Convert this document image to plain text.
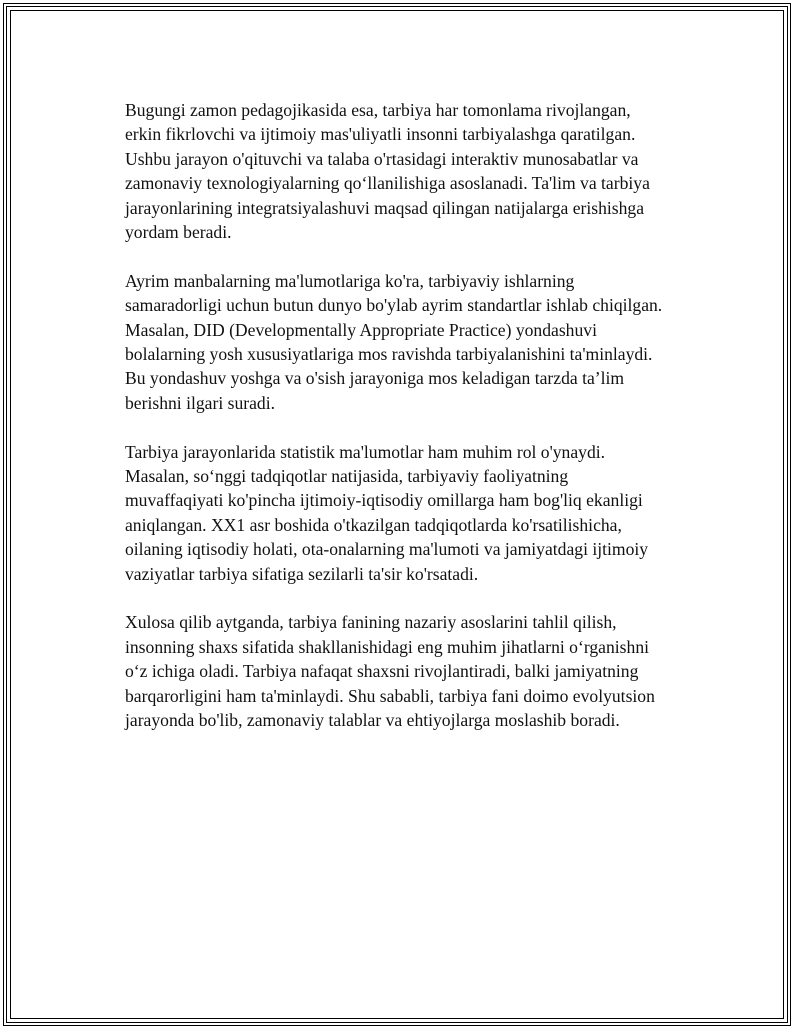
Bugungi zamon pedagojikasida esa, tarbiya har tomonlama rivojlangan,
erkin fikrlovchi va ijtimoiy mas'uliyatli insonni tarbiyalashga qaratilgan.
Ushbu jarayon o'qituvchi va talaba o'rtasidagi interaktiv munosabatlar va
zamonaviy texnologiyalarning qo‘llanilishiga asoslanadi. Ta'lim va tarbiya
jarayonlarining integratsiyalashuvi maqsad qilingan natijalarga erishishga
yordam beradi.

Ayrim manbalarning ma'lumotlariga ko'ra, tarbiyaviy ishlarning
samaradorligi uchun butun dunyo bo'ylab ayrim standartlar ishlab chiqilgan.
Masalan, DID (Developmentally Appropriate Practice) yondashuvi
bolalarning yosh xususiyatlariga mos ravishda tarbiyalanishini ta'minlaydi.
Bu yondashuv yoshga va o'sish jarayoniga mos keladigan tarzda ta’lim
berishni ilgari suradi.

Tarbiya jarayonlarida statistik ma'lumotlar ham muhim rol o'ynaydi.
Masalan, so‘nggi tadqiqotlar natijasida, tarbiyaviy faoliyatning
muvaffaqiyati ko'pincha ijtimoiy-iqtisodiy omillarga ham bog'liq ekanligi
aniqlangan. XX1 asr boshida o'tkazilgan tadqiqotlarda ko'rsatilishicha,
oilaning iqtisodiy holati, ota-onalarning ma'lumoti va jamiyatdagi ijtimoiy
vaziyatlar tarbiya sifatiga sezilarli ta'sir ko'rsatadi.

Xulosa qilib aytganda, tarbiya fanining nazariy asoslarini tahlil qilish,
insonning shaxs sifatida shakllanishidagi eng muhim jihatlarni o‘rganishni
o‘z ichiga oladi. Tarbiya nafaqat shaxsni rivojlantiradi, balki jamiyatning
barqarorligini ham ta'minlaydi. Shu sababli, tarbiya fani doimo evolyutsion
jarayonda bo'lib, zamonaviy talablar va ehtiyojlarga moslashib boradi.
